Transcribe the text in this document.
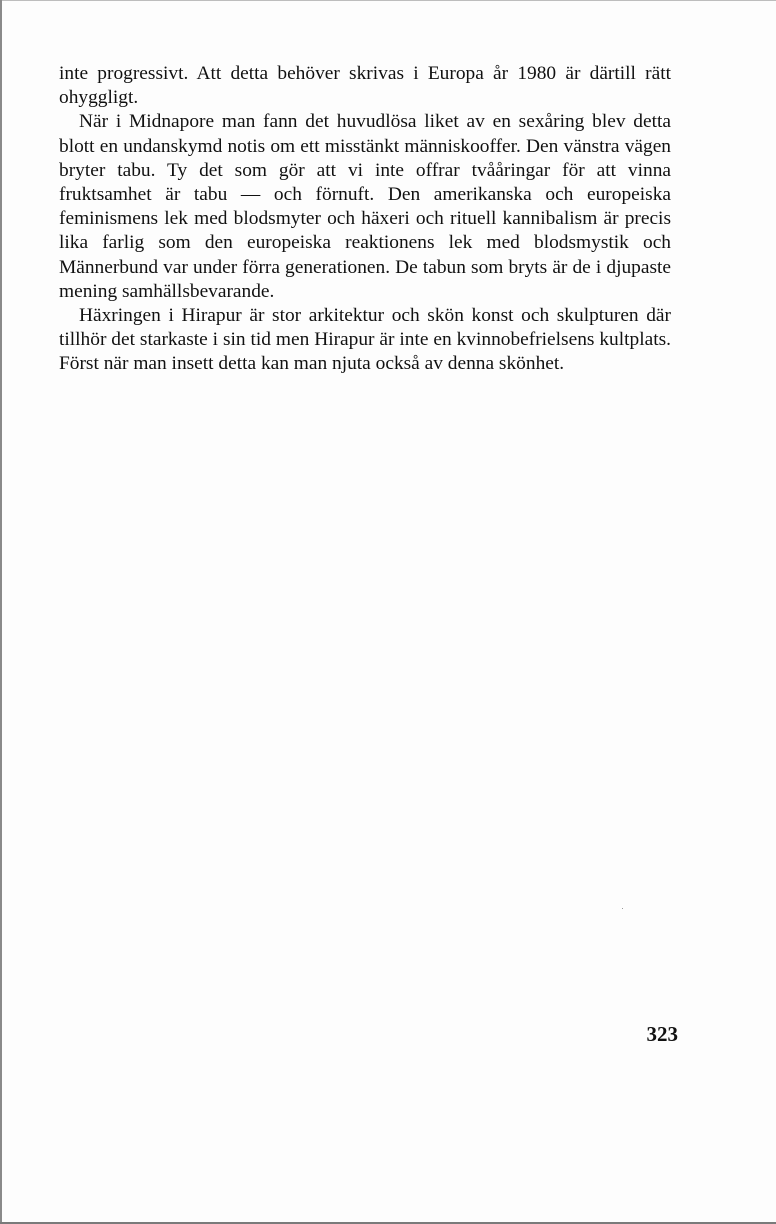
inte progressivt. Att detta behöver skrivas i Europa år 1980 är därtill rätt ohyggligt.

När i Midnapore man fann det huvudlösa liket av en sexåring blev detta blott en undanskymd notis om ett misstänkt människooffer. Den vänstra vägen bryter tabu. Ty det som gör att vi inte offrar tvååringar för att vinna fruktsamhet är tabu — och förnuft. Den amerikanska och europeiska feminismens lek med blodsmyter och häxeri och rituell kannibalism är precis lika farlig som den europeiska reaktionens lek med blodsmystik och Männerbund var under förra generationen. De tabun som bryts är de i djupaste mening samhällsbevarande.

Häxringen i Hirapur är stor arkitektur och skön konst och skulpturen där tillhör det starkaste i sin tid men Hirapur är inte en kvinnobefrielsens kultplats. Först när man insett detta kan man njuta också av denna skönhet.

323
